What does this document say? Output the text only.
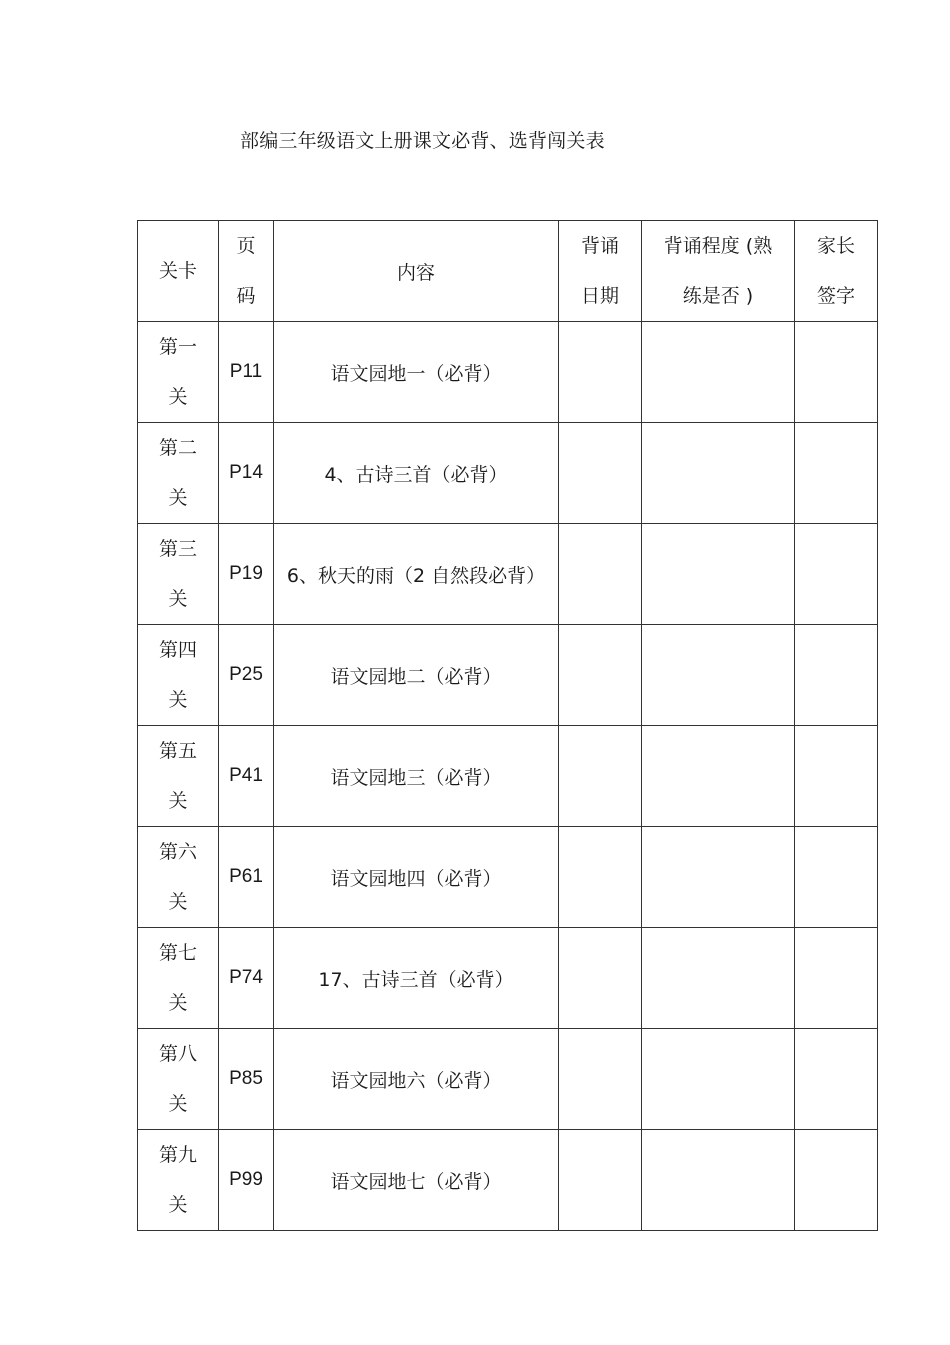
部编三年级语文上册课文必背、选背闯关表
关卡	页码	内容	背诵日期	背诵程度 (熟练是否 )	家长签字
第一关	P11	语文园地一（必背）			
第二关	P14	4、古诗三首（必背）			
第三关	P19	6、秋天的雨（2 自然段必背）			
第四关	P25	语文园地二（必背）			
第五关	P41	语文园地三（必背）			
第六关	P61	语文园地四（必背）			
第七关	P74	17、古诗三首（必背）			
第八关	P85	语文园地六（必背）			
第九关	P99	语文园地七（必背）			
